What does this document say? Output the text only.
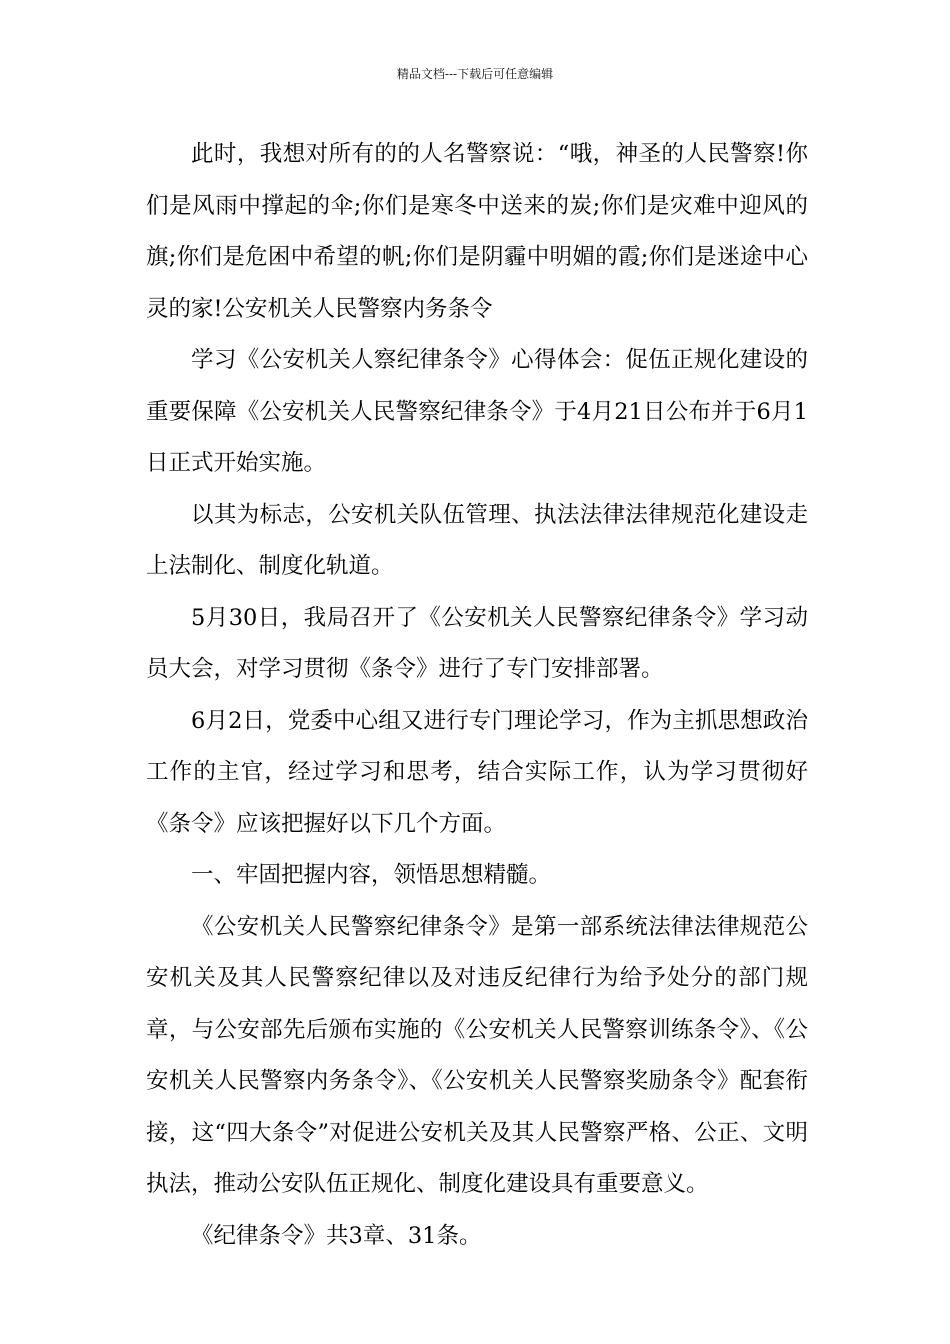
精品文档---下载后可任意编辑

此时，我想对所有的的人名警察说：“哦，神圣的人民警察!你们是风雨中撑起的伞;你们是寒冬中送来的炭;你们是灾难中迎风的旗;你们是危困中希望的帆;你们是阴霾中明媚的霞;你们是迷途中心灵的家!公安机关人民警察内务条令

学习《公安机关人察纪律条令》心得体会：促伍正规化建设的重要保障《公安机关人民警察纪律条令》于4月21日公布并于6月1日正式开始实施。

以其为标志，公安机关队伍管理、执法法律法律规范化建设走上法制化、制度化轨道。

5月30日，我局召开了《公安机关人民警察纪律条令》学习动员大会，对学习贯彻《条令》进行了专门安排部署。

6月2日，党委中心组又进行专门理论学习，作为主抓思想政治工作的主官，经过学习和思考，结合实际工作，认为学习贯彻好《条令》应该把握好以下几个方面。

一、牢固把握内容，领悟思想精髓。

《公安机关人民警察纪律条令》是第一部系统法律法律规范公安机关及其人民警察纪律以及对违反纪律行为给予处分的部门规章，与公安部先后颁布实施的《公安机关人民警察训练条令》、《公安机关人民警察内务条令》、《公安机关人民警察奖励条令》配套衔接，这“四大条令”对促进公安机关及其人民警察严格、公正、文明执法，推动公安队伍正规化、制度化建设具有重要意义。

《纪律条令》共3章、31条。
